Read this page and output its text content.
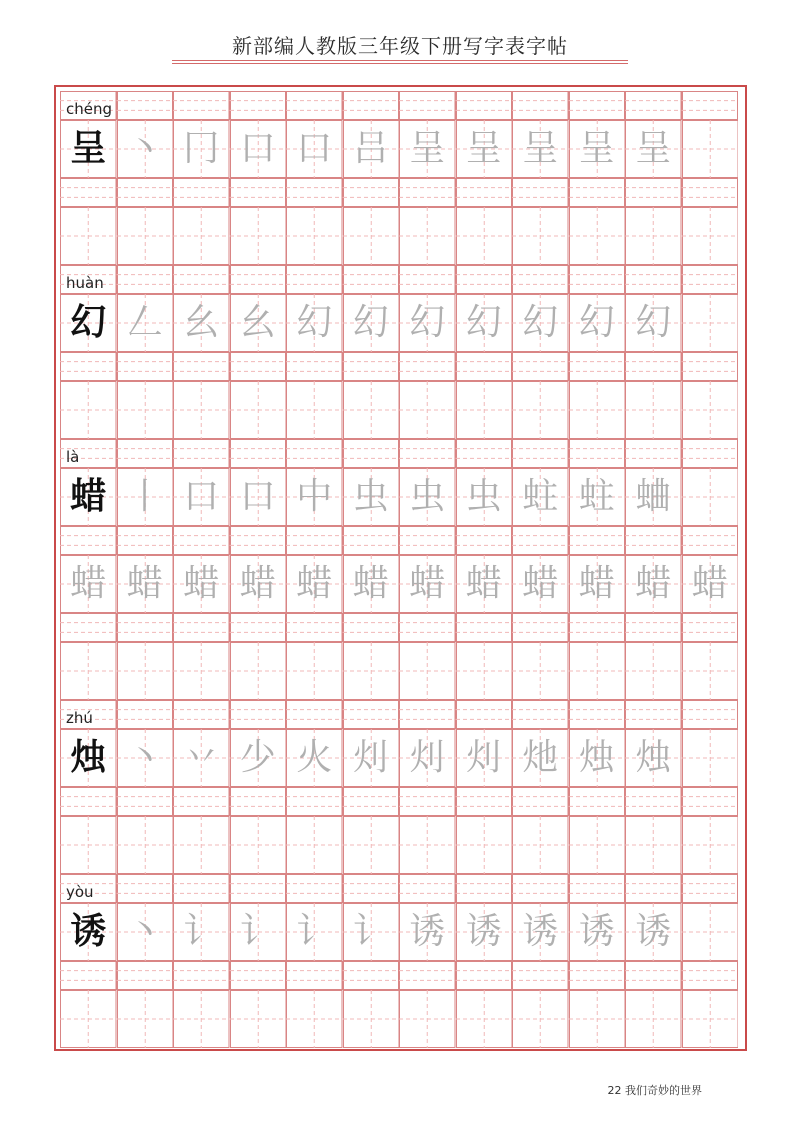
新部编人教版三年级下册写字表字帖
chéng
呈 丶 冂 口 口 吕 呈 呈 呈 呈 呈
huàn
幻 𠃋 幺 幺 幻 幻 幻 幻 幻 幻 幻
là
蜡 丨 口 口 中 虫 虫 虫 蛀 蛀 蛐
蜡 蜡 蜡 蜡 蜡 蜡 蜡 蜡 蜡 蜡 蜡 蜡
zhú
烛 丶 丷 少 火 灲 灲 灲 灺 烛 烛
yòu
诱 丶 讠 讠 讠 讠 诱 诱 诱 诱 诱
22 我们奇妙的世界
